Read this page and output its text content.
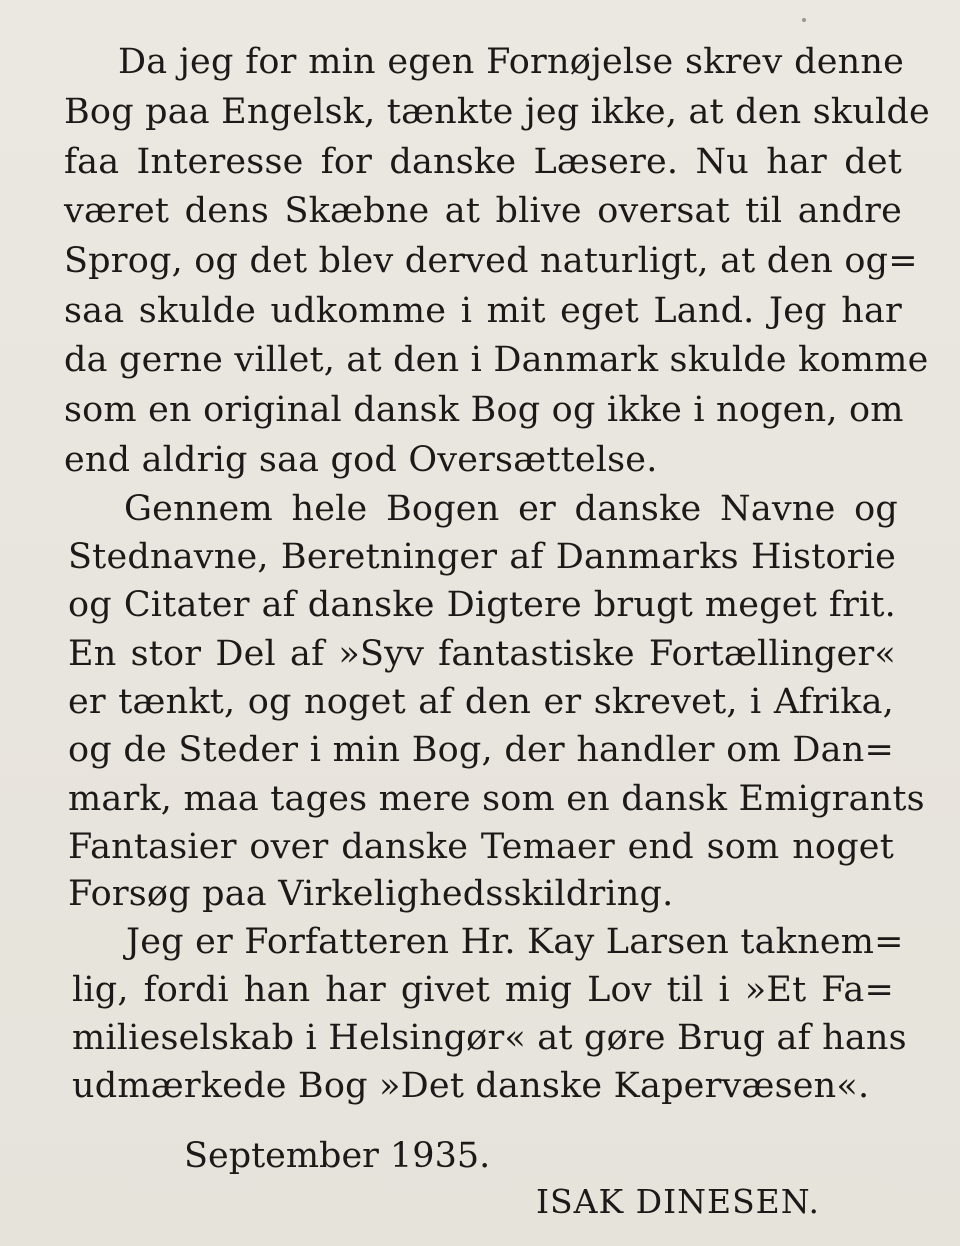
Da jeg for min egen Fornøjelse skrev denne
Bog paa Engelsk, tænkte jeg ikke, at den skulde
faa Interesse for danske Læsere. Nu har det
været dens Skæbne at blive oversat til andre
Sprog, og det blev derved naturligt, at den og=
saa skulde udkomme i mit eget Land. Jeg har
da gerne villet, at den i Danmark skulde komme
som en original dansk Bog og ikke i nogen, om
end aldrig saa god Oversættelse.
Gennem hele Bogen er danske Navne og
Stednavne, Beretninger af Danmarks Historie
og Citater af danske Digtere brugt meget frit.
En stor Del af »Syv fantastiske Fortællinger«
er tænkt, og noget af den er skrevet, i Afrika,
og de Steder i min Bog, der handler om Dan=
mark, maa tages mere som en dansk Emigrants
Fantasier over danske Temaer end som noget
Forsøg paa Virkelighedsskildring.
Jeg er Forfatteren Hr. Kay Larsen taknem=
lig, fordi han har givet mig Lov til i »Et Fa=
milieselskab i Helsingør« at gøre Brug af hans
udmærkede Bog »Det danske Kapervæsen«.
September 1935.
ISAK DINESEN.
